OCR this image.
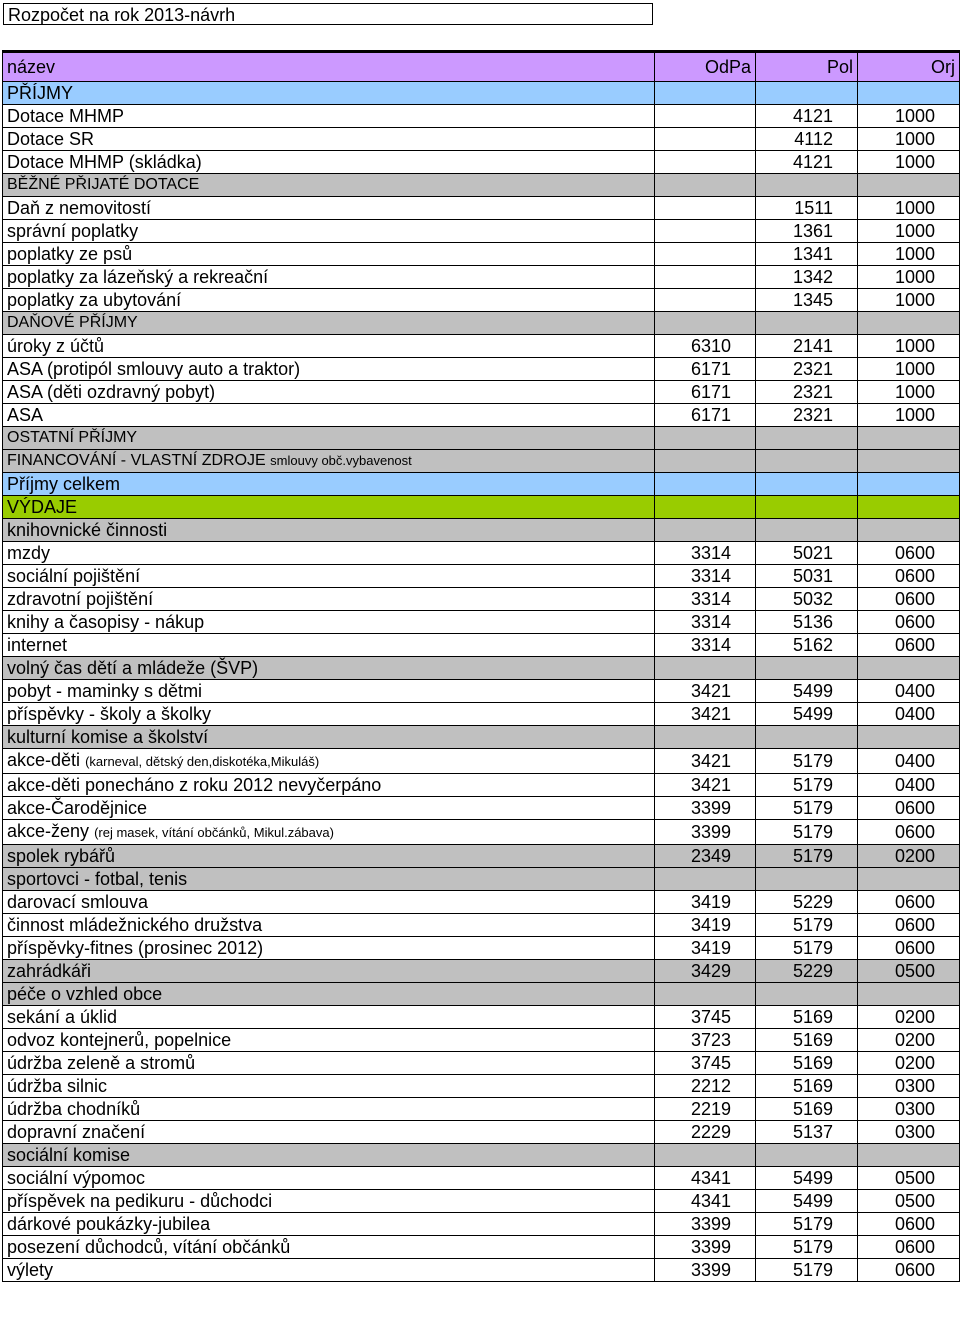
Rozpočet na rok 2013-návrh
název	OdPa	Pol	Orj
PŘÍJMY			
Dotace MHMP		4121	1000
Dotace SR		4112	1000
Dotace MHMP (skládka)		4121	1000
BĚŽNÉ PŘIJATÉ DOTACE			
Daň z nemovitostí		1511	1000
správní poplatky		1361	1000
poplatky ze psů		1341	1000
poplatky za lázeňský a rekreační		1342	1000
poplatky za ubytování		1345	1000
DAŇOVÉ PŘÍJMY			
úroky z účtů	6310	2141	1000
ASA (protipól smlouvy auto a traktor)	6171	2321	1000
ASA (děti ozdravný pobyt)	6171	2321	1000
ASA	6171	2321	1000
OSTATNÍ PŘÍJMY			
FINANCOVÁNÍ - VLASTNÍ ZDROJE smlouvy obč.vybavenost			
Příjmy celkem			
VÝDAJE			
knihovnické činnosti			
mzdy	3314	5021	0600
sociální pojištění	3314	5031	0600
zdravotní pojištění	3314	5032	0600
knihy a časopisy - nákup	3314	5136	0600
internet	3314	5162	0600
volný čas dětí a mládeže (ŠVP)			
pobyt - maminky s dětmi	3421	5499	0400
příspěvky - školy a školky	3421	5499	0400
kulturní komise a školství			
akce-děti (karneval, dětský den,diskotéka,Mikuláš)	3421	5179	0400
akce-děti ponecháno z roku 2012 nevyčerpáno	3421	5179	0400
akce-Čarodějnice	3399	5179	0600
akce-ženy (rej masek, vítání občánků, Mikul.zábava)	3399	5179	0600
spolek rybářů	2349	5179	0200
sportovci - fotbal, tenis			
darovací smlouva	3419	5229	0600
činnost mládežnického družstva	3419	5179	0600
příspěvky-fitnes (prosinec 2012)	3419	5179	0600
zahrádkáři	3429	5229	0500
péče o vzhled obce			
sekání a úklid	3745	5169	0200
odvoz kontejnerů, popelnice	3723	5169	0200
údržba zeleně a stromů	3745	5169	0200
údržba silnic	2212	5169	0300
údržba chodníků	2219	5169	0300
dopravní značení	2229	5137	0300
sociální komise			
sociální výpomoc	4341	5499	0500
příspěvek na pedikuru - důchodci	4341	5499	0500
dárkové poukázky-jubilea	3399	5179	0600
posezení důchodců, vítání občánků	3399	5179	0600
výlety	3399	5179	0600
